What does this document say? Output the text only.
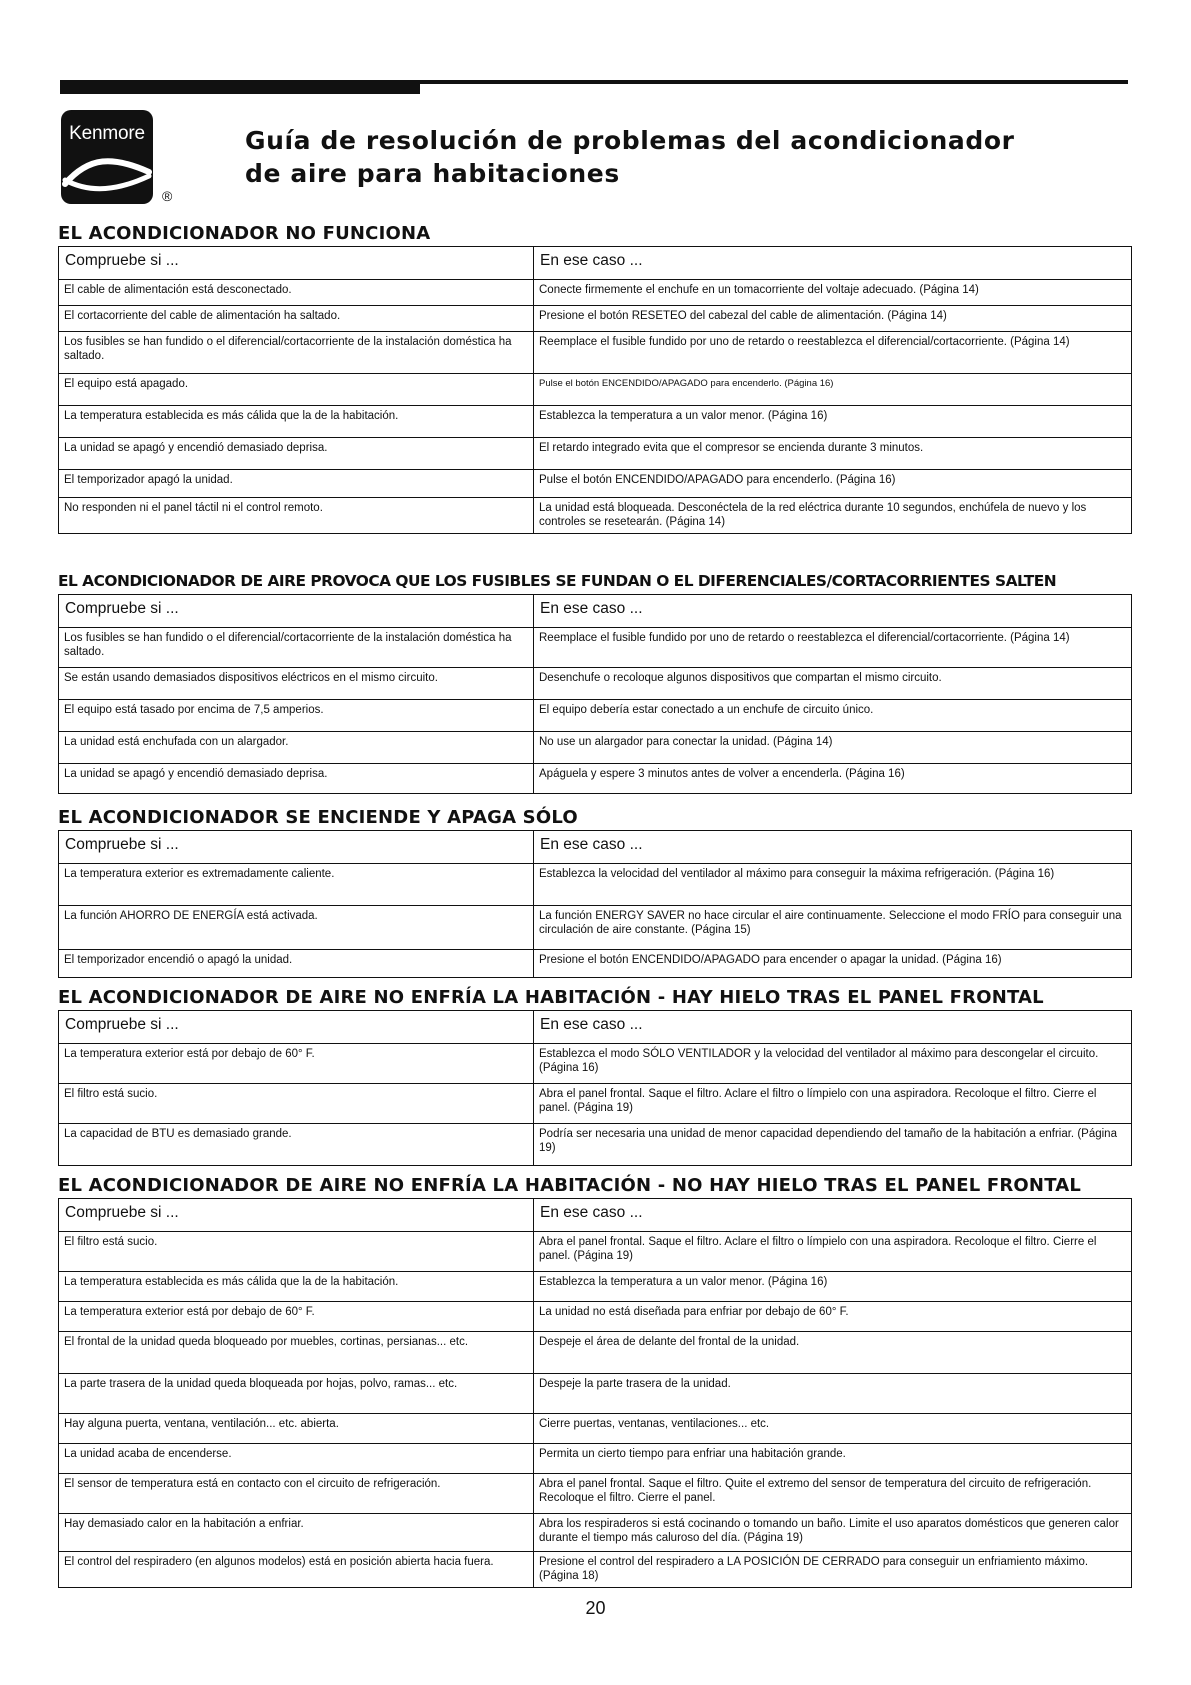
Kenmore
®
Guía de resolución de problemas del acondicionador
de aire para habitaciones
EL ACONDICIONADOR NO FUNCIONA
Compruebe si ...	En ese caso ...
El cable de alimentación está desconectado.	Conecte firmemente el enchufe en un tomacorriente del voltaje adecuado. (Página 14)
El cortacorriente del cable de alimentación ha saltado.	Presione el botón RESETEO del cabezal del cable de alimentación. (Página 14)
Los fusibles se han fundido o el diferencial/cortacorriente de la instalación doméstica ha saltado.	Reemplace el fusible fundido por uno de retardo o reestablezca el diferencial/cortacorriente. (Página 14)
El equipo está apagado.	Pulse el botón ENCENDIDO/APAGADO para encenderlo. (Página 16)
La temperatura establecida es más cálida que la de la habitación.	Establezca la temperatura a un valor menor. (Página 16)
La unidad se apagó y encendió demasiado deprisa.	El retardo integrado evita que el compresor se encienda durante 3 minutos.
El temporizador apagó la unidad.	Pulse el botón ENCENDIDO/APAGADO para encenderlo. (Página 16)
No responden ni el panel táctil ni el control remoto.	La unidad está bloqueada. Desconéctela de la red eléctrica durante 10 segundos, enchúfela de nuevo y los controles se resetearán. (Página 14)
EL ACONDICIONADOR DE AIRE PROVOCA QUE LOS FUSIBLES SE FUNDAN O EL DIFERENCIALES/CORTACORRIENTES SALTEN
Compruebe si ...	En ese caso ...
Los fusibles se han fundido o el diferencial/cortacorriente de la instalación doméstica ha saltado.	Reemplace el fusible fundido por uno de retardo o reestablezca el diferencial/cortacorriente. (Página 14)
Se están usando demasiados dispositivos eléctricos en el mismo circuito.	Desenchufe o recoloque algunos dispositivos que compartan el mismo circuito.
El equipo está tasado por encima de 7,5 amperios.	El equipo debería estar conectado a un enchufe de circuito único.
La unidad está enchufada con un alargador.	No use un alargador para conectar la unidad. (Página 14)
La unidad se apagó y encendió demasiado deprisa.	Apáguela y espere 3 minutos antes de volver a encenderla. (Página 16)
EL ACONDICIONADOR SE ENCIENDE Y APAGA SÓLO
Compruebe si ...	En ese caso ...
La temperatura exterior es extremadamente caliente.	Establezca la velocidad del ventilador al máximo para conseguir la máxima refrigeración. (Página 16)
La función AHORRO DE ENERGÍA está activada.	La función ENERGY SAVER no hace circular el aire continuamente. Seleccione el modo FRÍO para conseguir una circulación de aire constante. (Página 15)
El temporizador encendió o apagó la unidad.	Presione el botón ENCENDIDO/APAGADO para encender o apagar la unidad. (Página 16)
EL ACONDICIONADOR DE AIRE NO ENFRÍA LA HABITACIÓN - HAY HIELO TRAS EL PANEL FRONTAL
Compruebe si ...	En ese caso ...
La temperatura exterior está por debajo de 60° F.	Establezca el modo SÓLO VENTILADOR y la velocidad del ventilador al máximo para descongelar el circuito. (Página 16)
El filtro está sucio.	Abra el panel frontal. Saque el filtro. Aclare el filtro o límpielo con una aspiradora. Recoloque el filtro. Cierre el panel. (Página 19)
La capacidad de BTU es demasiado grande.	Podría ser necesaria una unidad de menor capacidad dependiendo del tamaño de la habitación a enfriar. (Página 19)
EL ACONDICIONADOR DE AIRE NO ENFRÍA LA HABITACIÓN - NO HAY HIELO TRAS EL PANEL FRONTAL
Compruebe si ...	En ese caso ...
El filtro está sucio.	Abra el panel frontal. Saque el filtro. Aclare el filtro o límpielo con una aspiradora. Recoloque el filtro. Cierre el panel. (Página 19)
La temperatura establecida es más cálida que la de la habitación.	Establezca la temperatura a un valor menor. (Página 16)
La temperatura exterior está por debajo de 60° F.	La unidad no está diseñada para enfriar por debajo de 60° F.
El frontal de la unidad queda bloqueado por muebles, cortinas, persianas... etc.	Despeje el área de delante del frontal de la unidad.
La parte trasera de la unidad queda bloqueada por hojas, polvo, ramas... etc.	Despeje la parte trasera de la unidad.
Hay alguna puerta, ventana, ventilación... etc. abierta.	Cierre puertas, ventanas, ventilaciones... etc.
La unidad acaba de encenderse.	Permita un cierto tiempo para enfriar una habitación grande.
El sensor de temperatura está en contacto con el circuito de refrigeración.	Abra el panel frontal. Saque el filtro. Quite el extremo del sensor de temperatura del circuito de refrigeración. Recoloque el filtro. Cierre el panel.
Hay demasiado calor en la habitación a enfriar.	Abra los respiraderos si está cocinando o tomando un baño. Limite el uso aparatos domésticos que generen calor durante el tiempo más caluroso del día. (Página 19)
El control del respiradero (en algunos modelos) está en posición abierta hacia fuera.	Presione el control del respiradero a LA POSICIÓN DE CERRADO para conseguir un enfriamiento máximo. (Página 18)
20
